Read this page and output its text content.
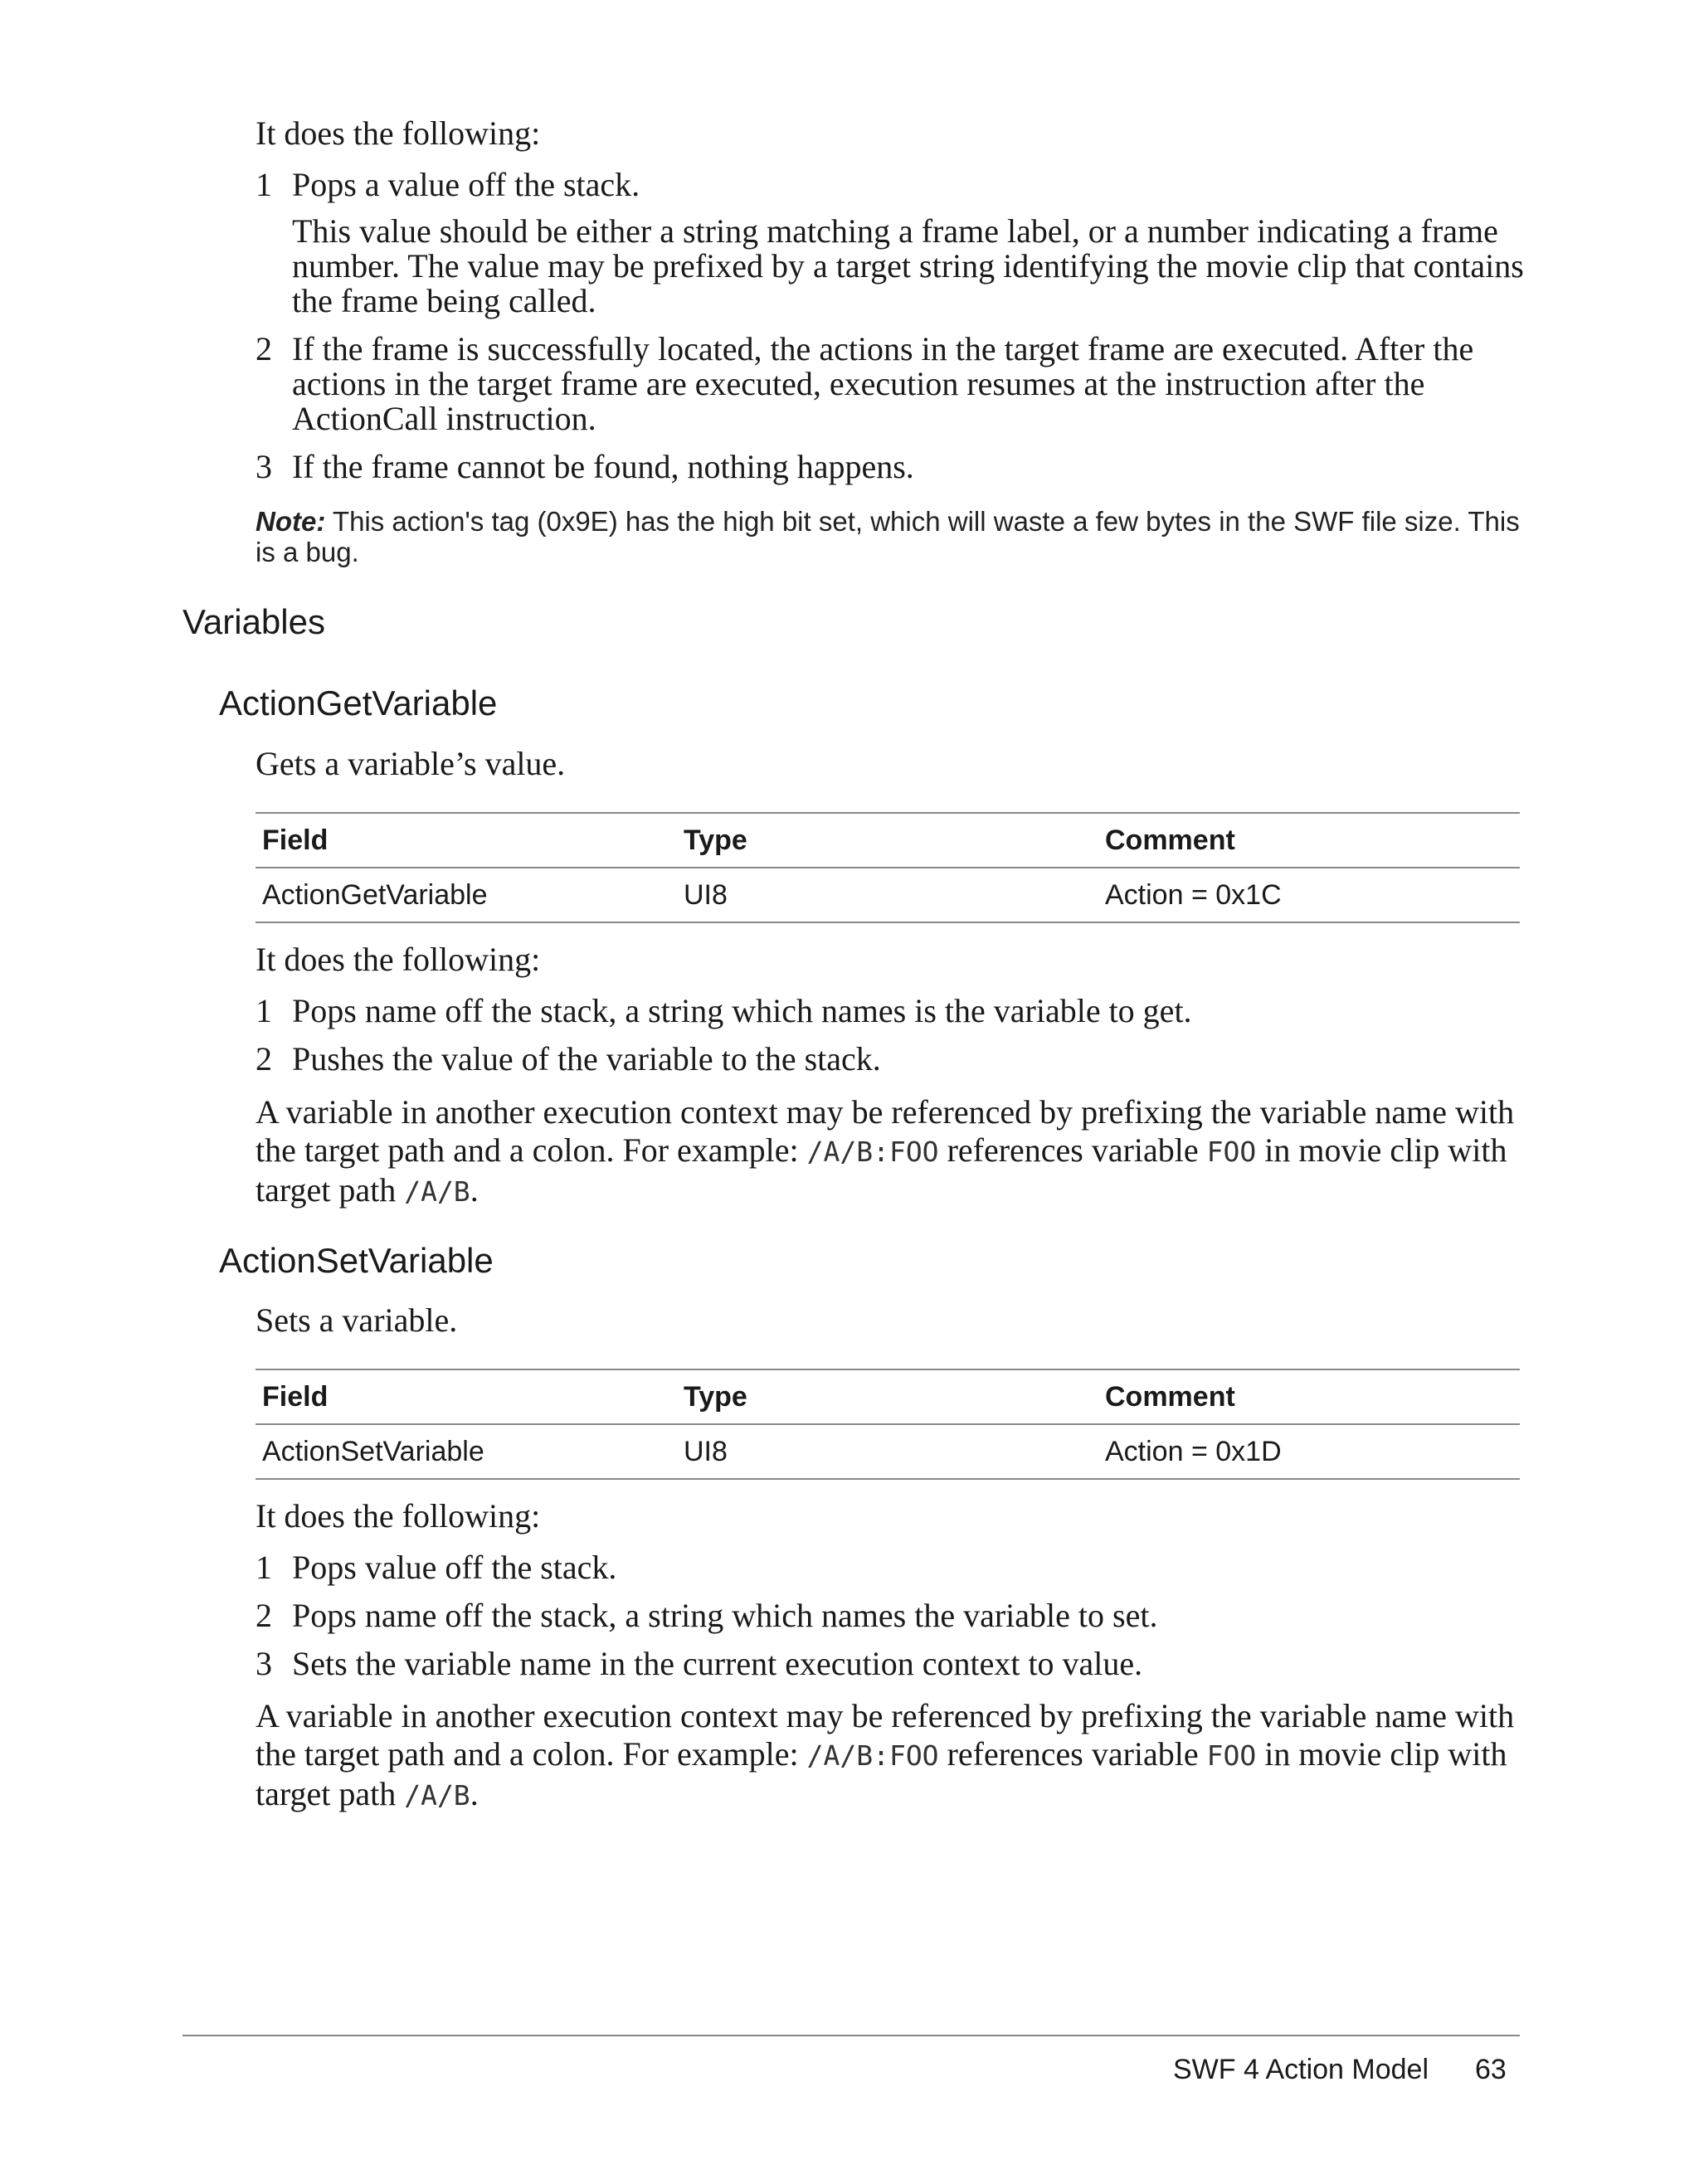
It does the following:

1 Pops a value off the stack.
This value should be either a string matching a frame label, or a number indicating a frame number. The value may be prefixed by a target string identifying the movie clip that contains the frame being called.
2 If the frame is successfully located, the actions in the target frame are executed. After the actions in the target frame are executed, execution resumes at the instruction after the ActionCall instruction.
3 If the frame cannot be found, nothing happens.
Note: This action's tag (0x9E) has the high bit set, which will waste a few bytes in the SWF file size. This is a bug.
Variables
ActionGetVariable

Gets a variable’s value.

Field	Type	Comment
ActionGetVariable	UI8	Action = 0x1C

It does the following:

1 Pops name off the stack, a string which names is the variable to get.
2 Pushes the value of the variable to the stack.

A variable in another execution context may be referenced by prefixing the variable name with the target path and a colon. For example: /A/B:FOO references variable FOO in movie clip with target path /A/B.

ActionSetVariable

Sets a variable.

Field	Type	Comment
ActionSetVariable	UI8	Action = 0x1D

It does the following:

1 Pops value off the stack.
2 Pops name off the stack, a string which names the variable to set.
3 Sets the variable name in the current execution context to value.

A variable in another execution context may be referenced by prefixing the variable name with the target path and a colon. For example: /A/B:FOO references variable FOO in movie clip with target path /A/B.

SWF 4 Action Model 63
